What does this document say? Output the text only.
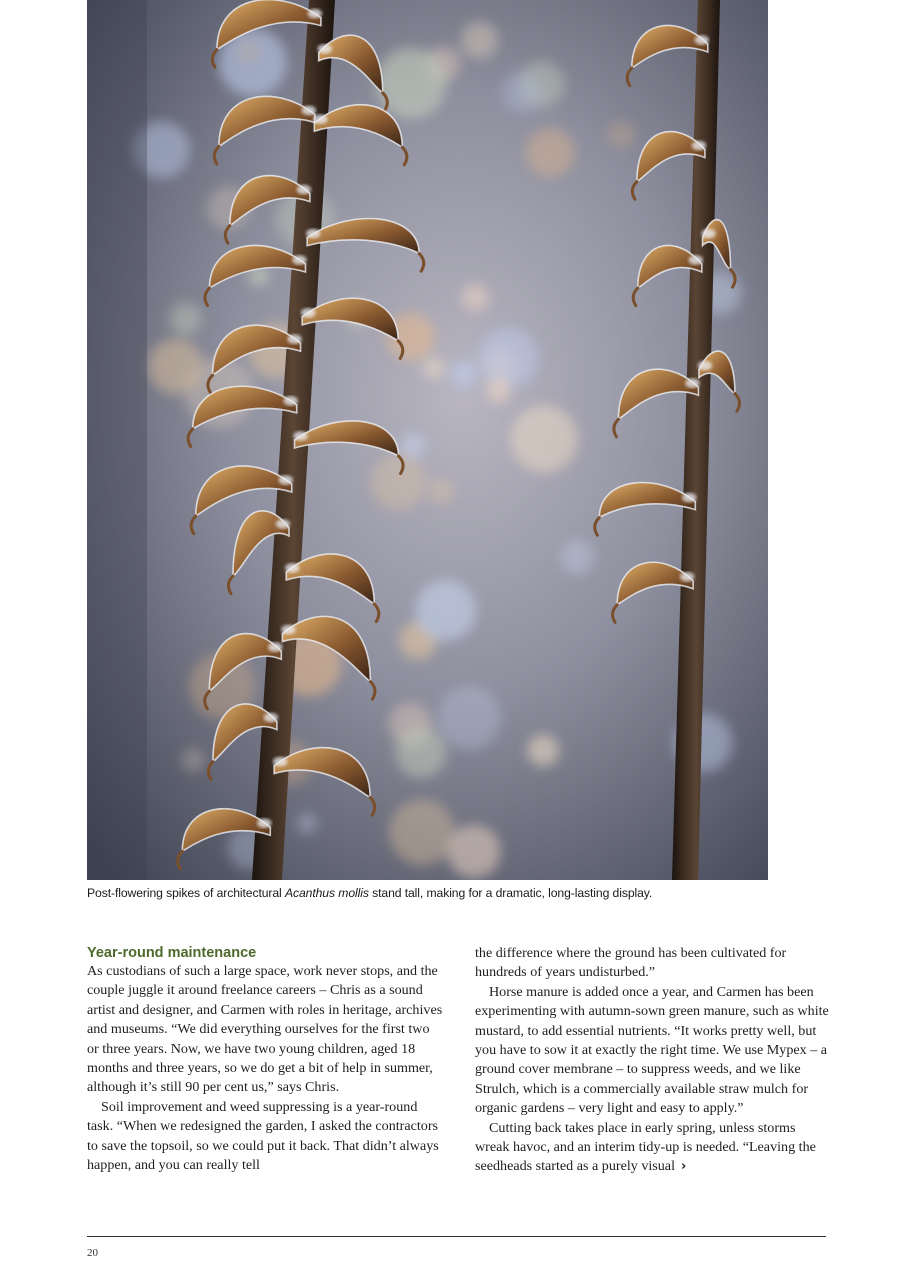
Post-flowering spikes of architectural Acanthus mollis stand tall, making for a dramatic, long-lasting display.
Year-round maintenance

As custodians of such a large space, work never stops, and the couple juggle it around freelance careers – Chris as a sound artist and designer, and Carmen with roles in heritage, archives and museums. “We did everything ourselves for the first two or three years. Now, we have two young children, aged 18 months and three years, so we do get a bit of help in summer, although it’s still 90 per cent us,” says Chris.

Soil improvement and weed suppressing is a year-round task. “When we redesigned the garden, I asked the contractors to save the topsoil, so we could put it back. That didn’t always happen, and you can really tell

the difference where the ground has been cultivated for hundreds of years undisturbed.”

Horse manure is added once a year, and Carmen has been experimenting with autumn-sown green manure, such as white mustard, to add essential nutrients. “It works pretty well, but you have to sow it at exactly the right time. We use Mypex – a ground cover membrane – to suppress weeds, and we like Strulch, which is a commercially available straw mulch for organic gardens – very light and easy to apply.”

Cutting back takes place in early spring, unless storms wreak havoc, and an interim tidy-up is needed. “Leaving the seedheads started as a purely visual ›

20
